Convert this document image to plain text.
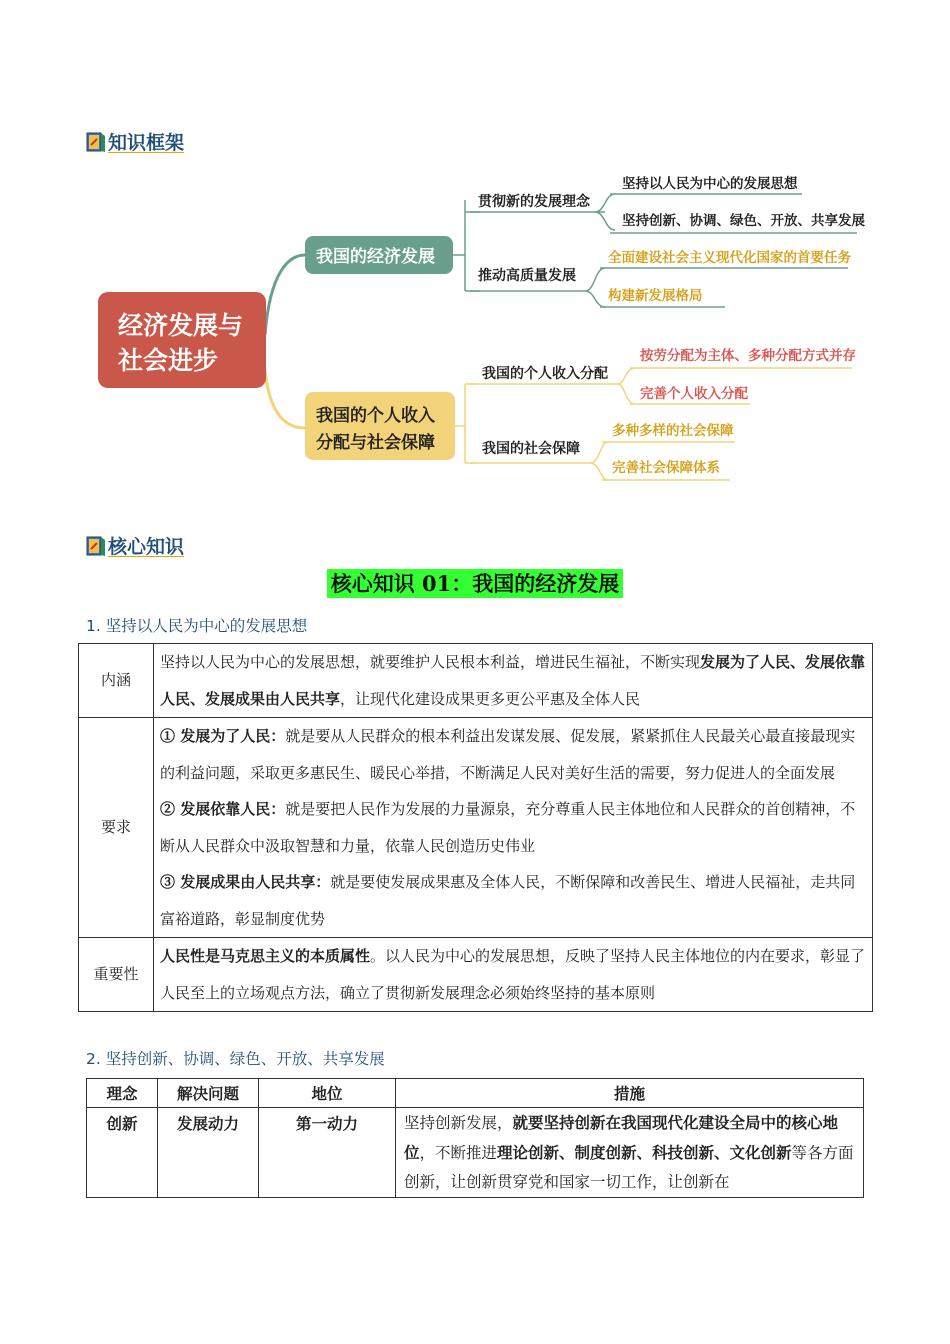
知识框架
经济发展与
社会进步
我国的经济发展
贯彻新的发展理念
推动高质量发展
坚持以人民为中心的发展思想
坚持创新、协调、绿色、开放、共享发展
全面建设社会主义现代化国家的首要任务
构建新发展格局
我国的个人收入
分配与社会保障
我国的个人收入分配
我国的社会保障
按劳分配为主体、多种分配方式并存
完善个人收入分配
多种多样的社会保障
完善社会保障体系
核心知识
核心知识 01：我国的经济发展
1. 坚持以人民为中心的发展思想
内涵	坚持以人民为中心的发展思想，就要维护人民根本利益，增进民生福祉，不断实现发展为了人民、发展依靠人民、发展成果由人民共享，让现代化建设成果更多更公平惠及全体人民
要求	① 发展为了人民：就是要从人民群众的根本利益出发谋发展、促发展，紧紧抓住人民最关心最直接最现实的利益问题，采取更多惠民生、暖民心举措，不断满足人民对美好生活的需要，努力促进人的全面发展
② 发展依靠人民：就是要把人民作为发展的力量源泉，充分尊重人民主体地位和人民群众的首创精神，不断从人民群众中汲取智慧和力量，依靠人民创造历史伟业
③ 发展成果由人民共享：就是要使发展成果惠及全体人民，不断保障和改善民生、增进人民福祉，走共同富裕道路，彰显制度优势

重要性	人民性是马克思主义的本质属性。以人民为中心的发展思想，反映了坚持人民主体地位的内在要求，彰显了人民至上的立场观点方法，确立了贯彻新发展理念必须始终坚持的基本原则
2. 坚持创新、协调、绿色、开放、共享发展
理念	解决问题	地位	措施
创新	发展动力	第一动力	坚持创新发展，就要坚持创新在我国现代化建设全局中的核心地位，不断推进理论创新、制度创新、科技创新、文化创新等各方面创新，让创新贯穿党和国家一切工作，让创新在
